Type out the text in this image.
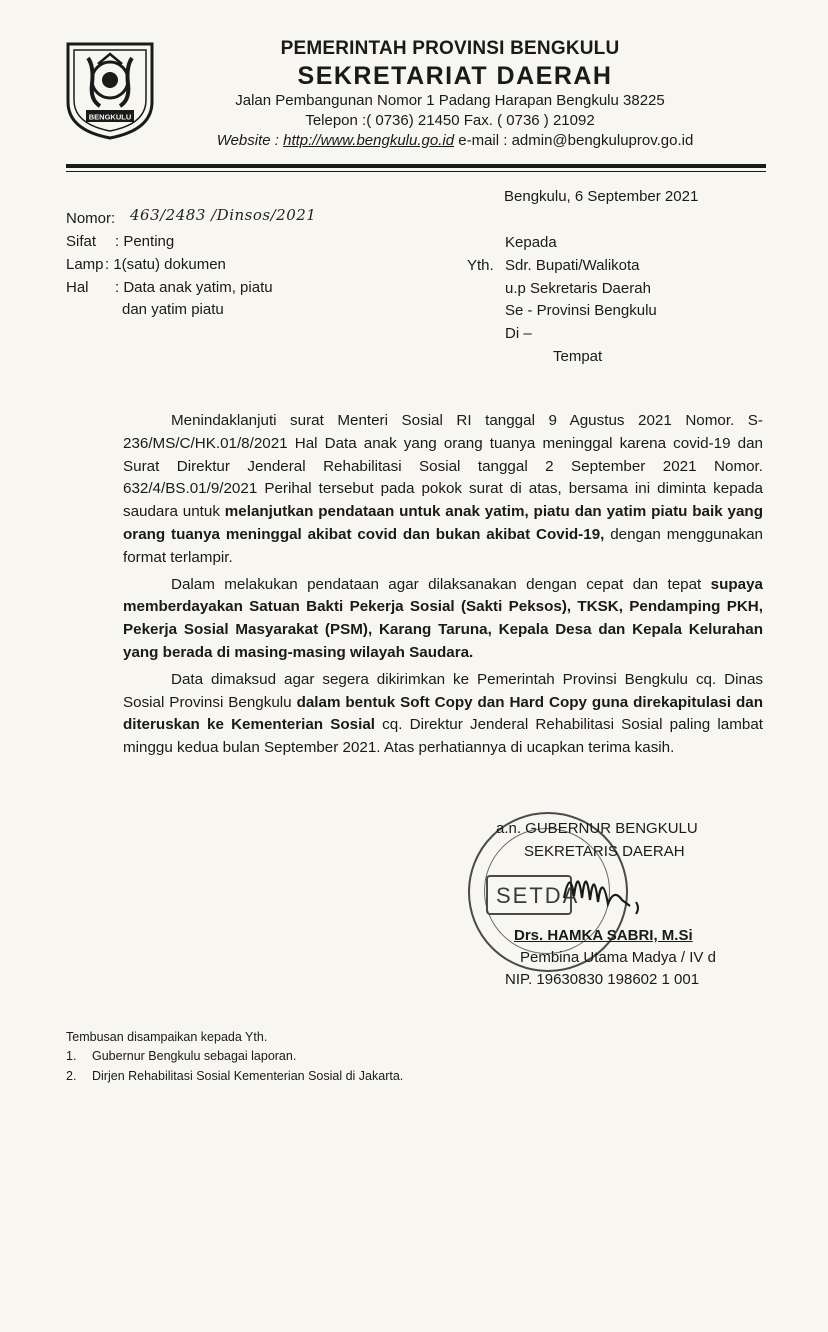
BENGKULU
PEMERINTAH PROVINSI BENGKULU
SEKRETARIAT DAERAH
Jalan Pembangunan Nomor 1 Padang Harapan Bengkulu 38225
Telepon :( 0736) 21450 Fax. ( 0736 ) 21092
Website : http://www.bengkulu.go.id e-mail : admin@bengkuluprov.go.id
Bengkulu, 6 September 2021
Nomor: 463/2483 /Dinsos/2021
Sifat : Penting
Lamp : 1(satu) dokumen
Hal : Data anak yatim, piatu
dan yatim piatu
Kepada
Yth. Sdr. Bupati/Walikota
u.p Sekretaris Daerah
Se - Provinsi Bengkulu
Di –
Tempat

Menindaklanjuti surat Menteri Sosial RI tanggal 9 Agustus 2021 Nomor. S-236/MS/C/HK.01/8/2021 Hal Data anak yang orang tuanya meninggal karena covid-19 dan Surat Direktur Jenderal Rehabilitasi Sosial tanggal 2 September 2021 Nomor. 632/4/BS.01/9/2021 Perihal tersebut pada pokok surat di atas, bersama ini diminta kepada saudara untuk melanjutkan pendataan untuk anak yatim, piatu dan yatim piatu baik yang orang tuanya meninggal akibat covid dan bukan akibat Covid-19, dengan menggunakan format terlampir.

Dalam melakukan pendataan agar dilaksanakan dengan cepat dan tepat supaya memberdayakan Satuan Bakti Pekerja Sosial (Sakti Peksos), TKSK, Pendamping PKH, Pekerja Sosial Masyarakat (PSM), Karang Taruna, Kepala Desa dan Kepala Kelurahan yang berada di masing-masing wilayah Saudara.

Data dimaksud agar segera dikirimkan ke Pemerintah Provinsi Bengkulu cq. Dinas Sosial Provinsi Bengkulu dalam bentuk Soft Copy dan Hard Copy guna direkapitulasi dan diteruskan ke Kementerian Sosial cq. Direktur Jenderal Rehabilitasi Sosial paling lambat minggu kedua bulan September 2021. Atas perhatiannya di ucapkan terima kasih.

SETDA
a.n. GUBERNUR BENGKULU
SEKRETARIS DAERAH
Drs. HAMKA SABRI, M.Si
Pembina Utama Madya / IV d
NIP. 19630830 198602 1 001
Tembusan disampaikan kepada Yth.
1. Gubernur Bengkulu sebagai laporan.
2. Dirjen Rehabilitasi Sosial Kementerian Sosial di Jakarta.
